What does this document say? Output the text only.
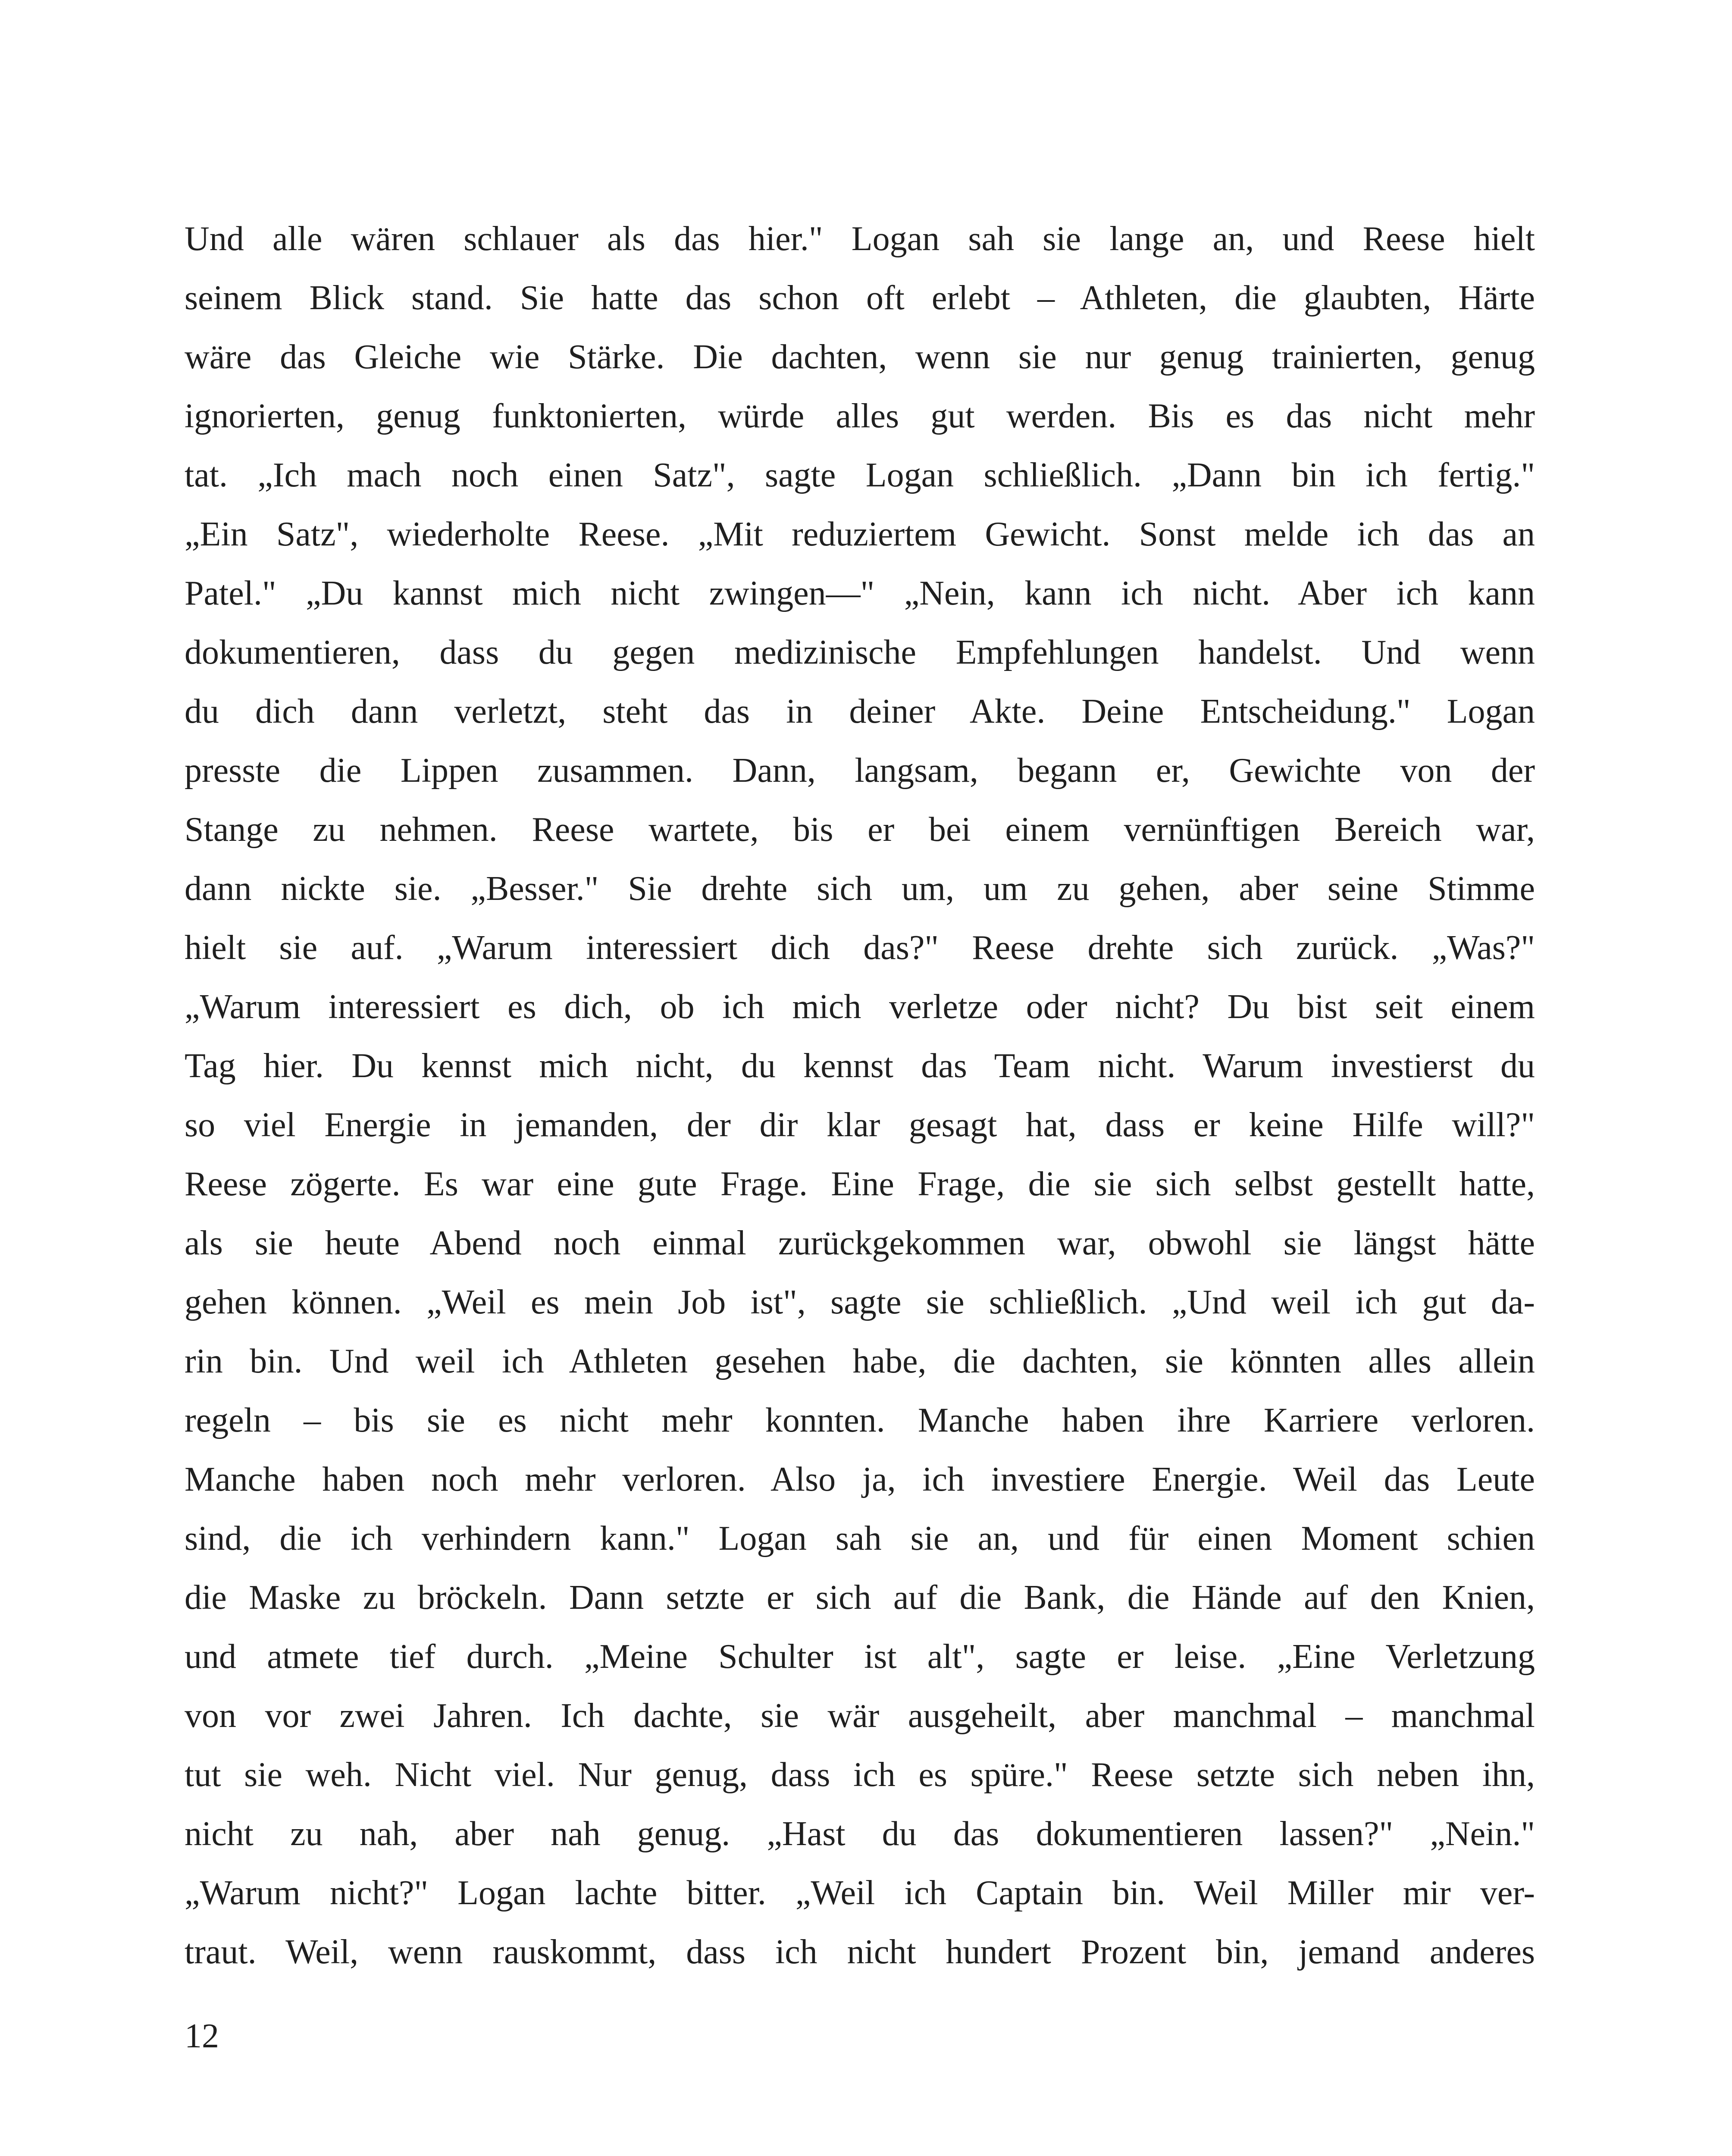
Und alle wären schlauer als das hier." Logan sah sie lange an, und Reese hielt
seinem Blick stand. Sie hatte das schon oft erlebt – Athleten, die glaubten, Härte
wäre das Gleiche wie Stärke. Die dachten, wenn sie nur genug trainierten, genug
ignorierten, genug funktonierten, würde alles gut werden. Bis es das nicht mehr
tat. „Ich mach noch einen Satz", sagte Logan schließlich. „Dann bin ich fertig."
„Ein Satz", wiederholte Reese. „Mit reduziertem Gewicht. Sonst melde ich das an
Patel." „Du kannst mich nicht zwingen—" „Nein, kann ich nicht. Aber ich kann
dokumentieren, dass du gegen medizinische Empfehlungen handelst. Und wenn
du dich dann verletzt, steht das in deiner Akte. Deine Entscheidung." Logan
presste die Lippen zusammen. Dann, langsam, begann er, Gewichte von der
Stange zu nehmen. Reese wartete, bis er bei einem vernünftigen Bereich war,
dann nickte sie. „Besser." Sie drehte sich um, um zu gehen, aber seine Stimme
hielt sie auf. „Warum interessiert dich das?" Reese drehte sich zurück. „Was?"
„Warum interessiert es dich, ob ich mich verletze oder nicht? Du bist seit einem
Tag hier. Du kennst mich nicht, du kennst das Team nicht. Warum investierst du
so viel Energie in jemanden, der dir klar gesagt hat, dass er keine Hilfe will?"
Reese zögerte. Es war eine gute Frage. Eine Frage, die sie sich selbst gestellt hatte,
als sie heute Abend noch einmal zurückgekommen war, obwohl sie längst hätte
gehen können. „Weil es mein Job ist", sagte sie schließlich. „Und weil ich gut da-
rin bin. Und weil ich Athleten gesehen habe, die dachten, sie könnten alles allein
regeln – bis sie es nicht mehr konnten. Manche haben ihre Karriere verloren.
Manche haben noch mehr verloren. Also ja, ich investiere Energie. Weil das Leute
sind, die ich verhindern kann." Logan sah sie an, und für einen Moment schien
die Maske zu bröckeln. Dann setzte er sich auf die Bank, die Hände auf den Knien,
und atmete tief durch. „Meine Schulter ist alt", sagte er leise. „Eine Verletzung
von vor zwei Jahren. Ich dachte, sie wär ausgeheilt, aber manchmal – manchmal
tut sie weh. Nicht viel. Nur genug, dass ich es spüre." Reese setzte sich neben ihn,
nicht zu nah, aber nah genug. „Hast du das dokumentieren lassen?" „Nein."
„Warum nicht?" Logan lachte bitter. „Weil ich Captain bin. Weil Miller mir ver-
traut. Weil, wenn rauskommt, dass ich nicht hundert Prozent bin, jemand anderes

12
